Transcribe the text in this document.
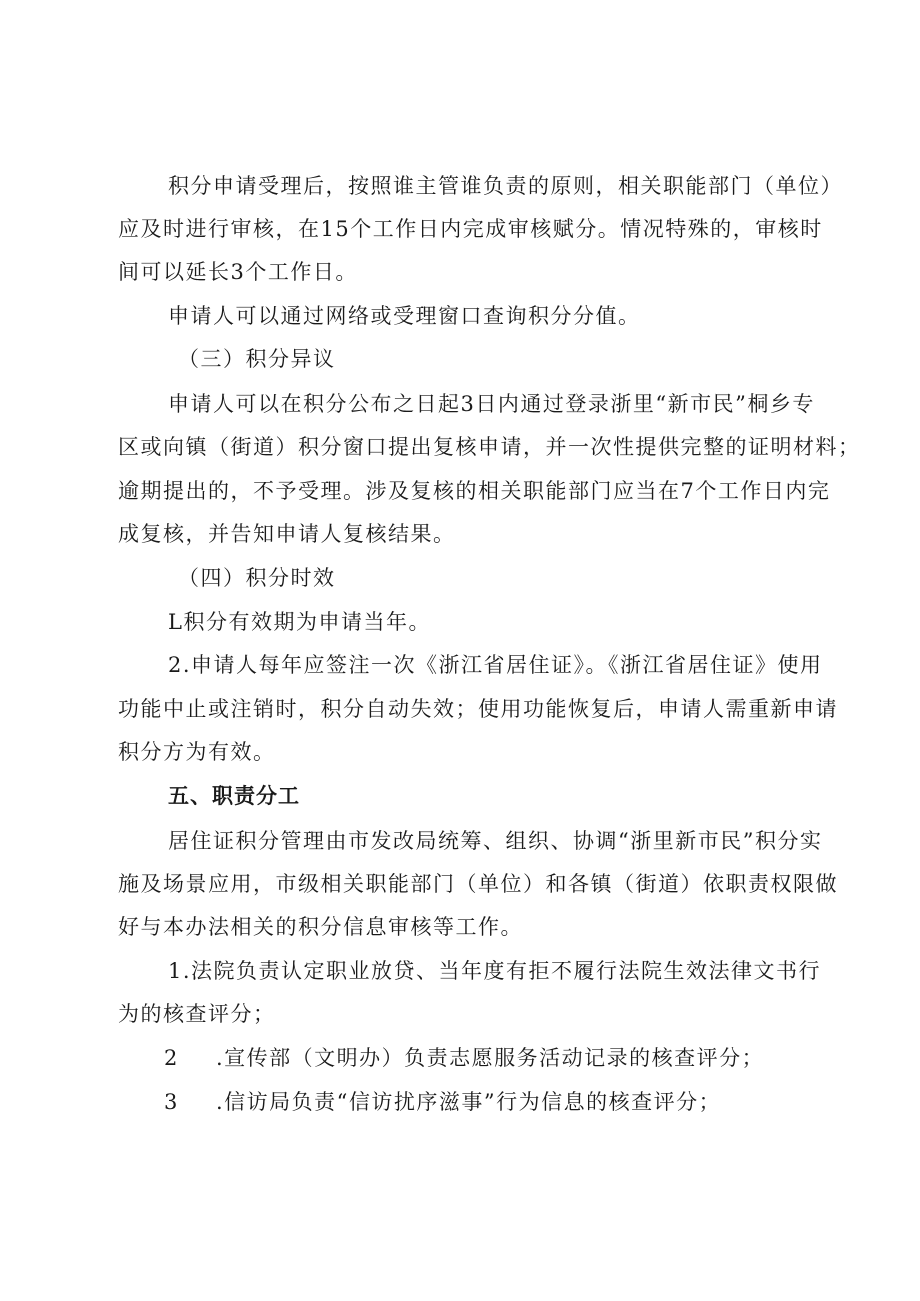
积分申请受理后，按照谁主管谁负责的原则，相关职能部门（单位）
应及时进行审核，在15个工作日内完成审核赋分。情况特殊的，审核时
间可以延长3个工作日。
申请人可以通过网络或受理窗口查询积分分值。
（三）积分异议
申请人可以在积分公布之日起3日内通过登录浙里“新市民”桐乡专
区或向镇（街道）积分窗口提出复核申请，并一次性提供完整的证明材料；
逾期提出的，不予受理。涉及复核的相关职能部门应当在7个工作日内完
成复核，并告知申请人复核结果。
（四）积分时效
L积分有效期为申请当年。
2.申请人每年应签注一次《浙江省居住证》。《浙江省居住证》使用
功能中止或注销时，积分自动失效；使用功能恢复后，申请人需重新申请
积分方为有效。
五、职责分工
居住证积分管理由市发改局统筹、组织、协调“浙里新市民”积分实
施及场景应用，市级相关职能部门（单位）和各镇（街道）依职责权限做
好与本办法相关的积分信息审核等工作。
1.法院负责认定职业放贷、当年度有拒不履行法院生效法律文书行
为的核查评分；
2 .宣传部（文明办）负责志愿服务活动记录的核查评分；
3 .信访局负责“信访扰序滋事”行为信息的核查评分；
